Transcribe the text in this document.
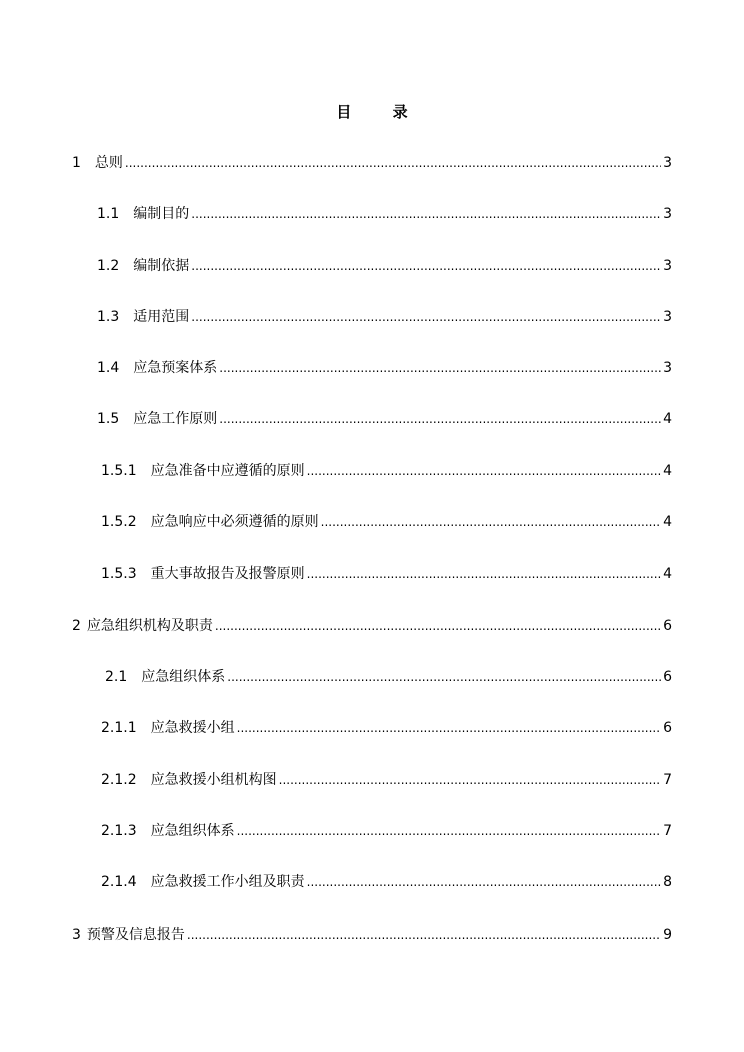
目 录
1 总则 .....	3
1.1 编制目的 .....	3
1.2 编制依据 .....	3
1.3 适用范围 .....	3
1.4 应急预案体系 .....	3
1.5 应急工作原则 .....	4
1.5.1 应急准备中应遵循的原则 .....	4
1.5.2 应急响应中必须遵循的原则 .....	4
1.5.3 重大事故报告及报警原则 .....	4
2 应急组织机构及职责 .....	6
2.1 应急组织体系 .....	6
2.1.1 应急救援小组 .....	6
2.1.2 应急救援小组机构图 .....	7
2.1.3 应急组织体系 .....	7
2.1.4 应急救援工作小组及职责 .....	8
3 预警及信息报告 .....	9
